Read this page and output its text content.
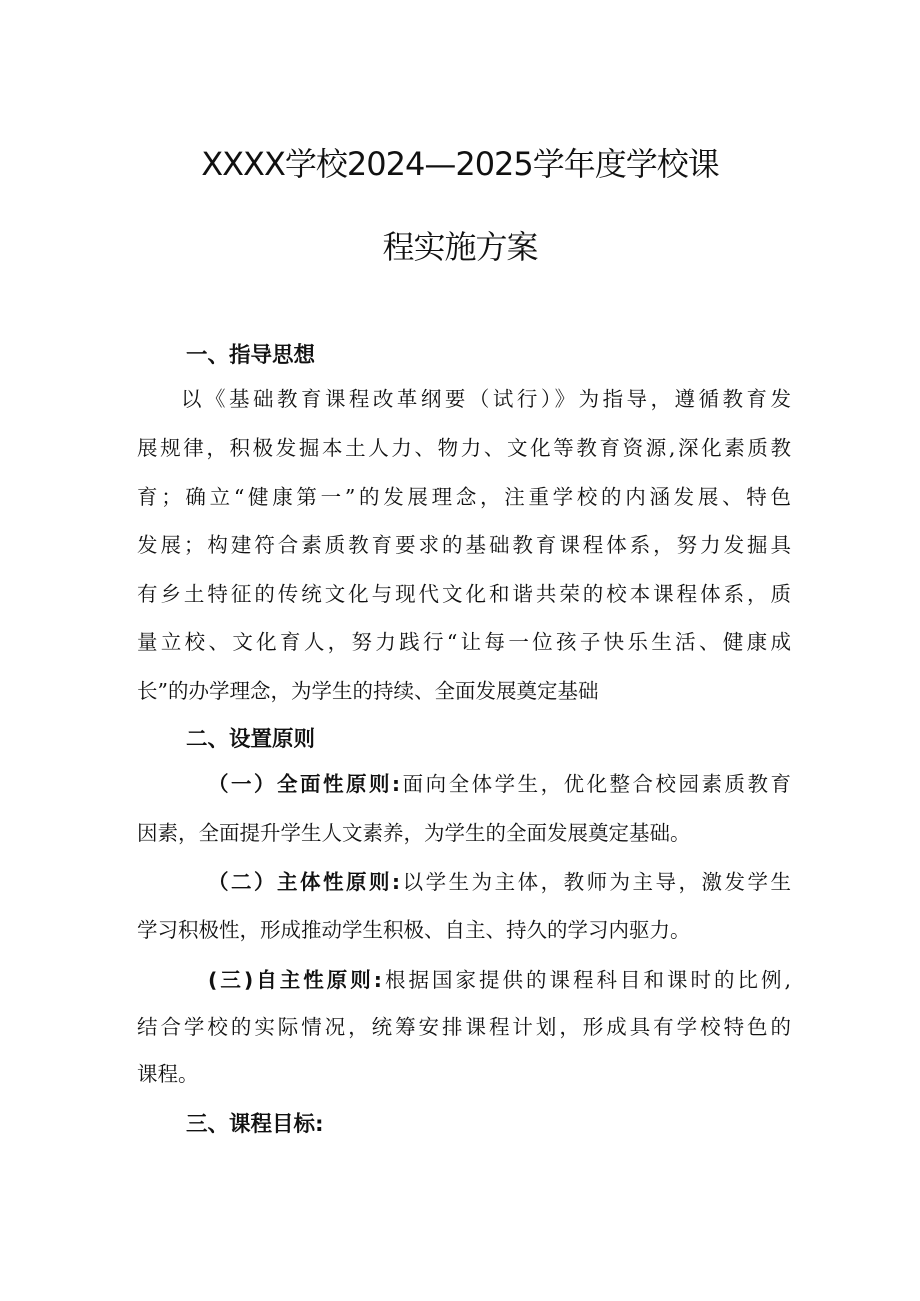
XXXX学校2024—2025学年度学校课
程实施方案
一、指导思想
以《基础教育课程改革纲要（试行）》为指导，遵循教育发
展规律，积极发掘本土人力、物力、文化等教育资源,深化素质教
育；确立“健康第一”的发展理念，注重学校的内涵发展、特色
发展；构建符合素质教育要求的基础教育课程体系，努力发掘具
有乡土特征的传统文化与现代文化和谐共荣的校本课程体系，质
量立校、文化育人，努力践行“让每一位孩子快乐生活、健康成
长”的办学理念，为学生的持续、全面发展奠定基础
二、设置原则
（一）全面性原则:面向全体学生，优化整合校园素质教育
因素，全面提升学生人文素养，为学生的全面发展奠定基础。
（二）主体性原则:以学生为主体，教师为主导，激发学生
学习积极性，形成推动学生积极、自主、持久的学习内驱力。
(三)自主性原则:根据国家提供的课程科目和课时的比例,
结合学校的实际情况，统筹安排课程计划，形成具有学校特色的
课程。
三、课程目标:
